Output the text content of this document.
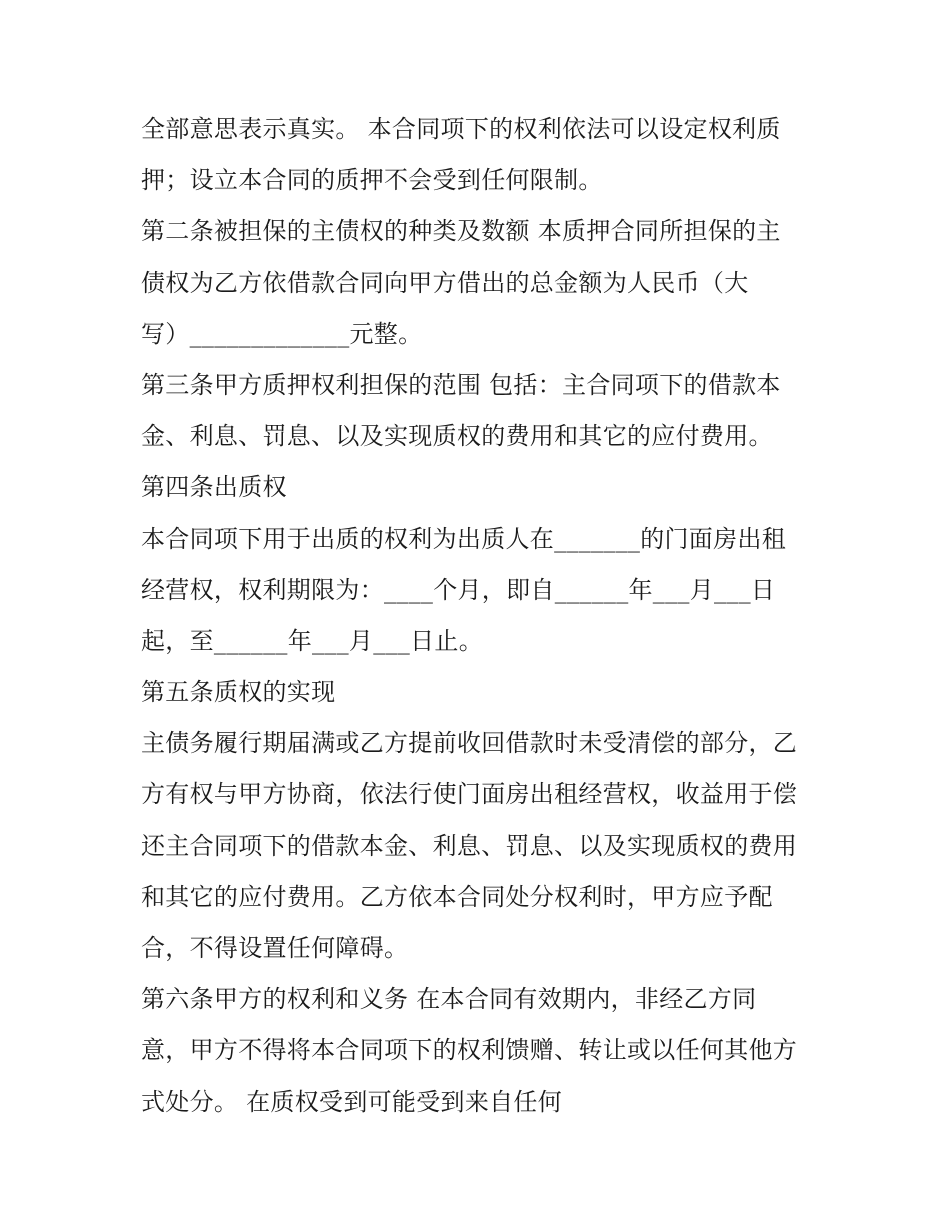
全部意思表示真实。 本合同项下的权利依法可以设定权利质
押；设立本合同的质押不会受到任何限制。
第二条被担保的主债权的种类及数额 本质押合同所担保的主
债权为乙方依借款合同向甲方借出的总金额为人民币（大
写）_____________元整。
第三条甲方质押权利担保的范围 包括：主合同项下的借款本
金、利息、罚息、以及实现质权的费用和其它的应付费用。
第四条出质权
本合同项下用于出质的权利为出质人在_______的门面房出租
经营权，权利期限为：____个月，即自______年___月___日
起，至______年___月___日止。
第五条质权的实现
主债务履行期届满或乙方提前收回借款时未受清偿的部分，乙
方有权与甲方协商，依法行使门面房出租经营权，收益用于偿
还主合同项下的借款本金、利息、罚息、以及实现质权的费用
和其它的应付费用。乙方依本合同处分权利时，甲方应予配
合，不得设置任何障碍。
第六条甲方的权利和义务 在本合同有效期内，非经乙方同
意，甲方不得将本合同项下的权利馈赠、转让或以任何其他方
式处分。 在质权受到可能受到来自任何
